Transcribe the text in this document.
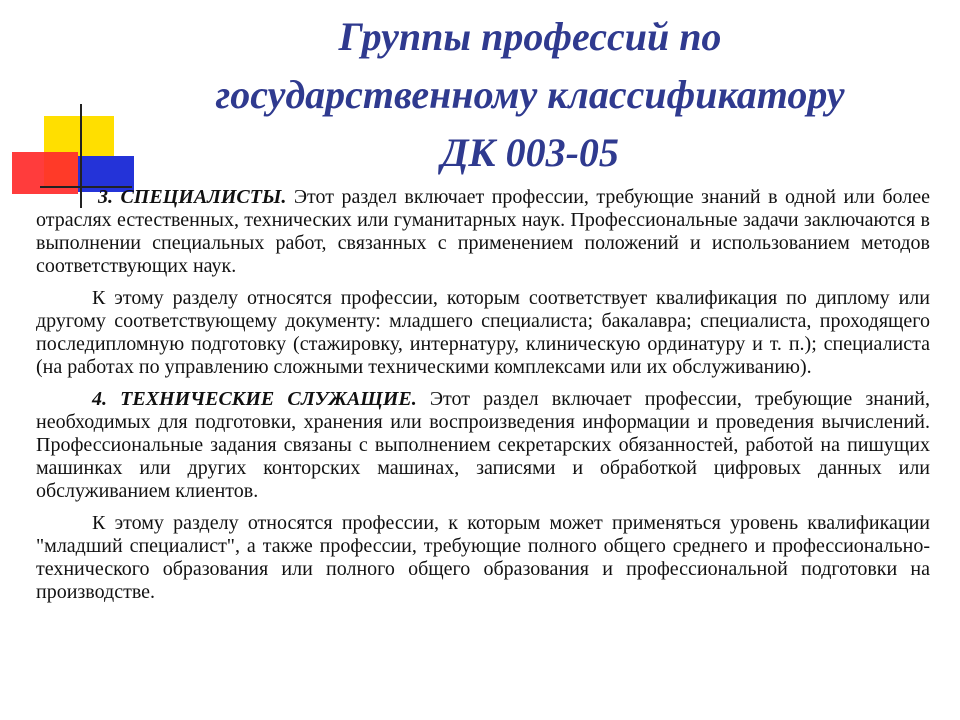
Группы профессий по
государственному классификатору
ДК 003-05

3. СПЕЦИАЛИСТЫ. Этот раздел включает профессии, требующие знаний в одной или более отраслях естественных, технических или гуманитарных наук. Профессиональные задачи заключаются в выполнении специальных работ, связанных с применением положений и использованием методов соответствующих наук.

К этому разделу относятся профессии, которым соответствует квалификация по диплому или другому соответствующему документу: младшего специалиста; бакалавра; специалиста, проходящего последипломную подготовку (стажировку, интернатуру, клиническую ординатуру и т. п.); специалиста (на работах по управлению сложными техническими комплексами или их обслуживанию).

4. ТЕХНИЧЕСКИЕ СЛУЖАЩИЕ. Этот раздел включает профессии, требующие знаний, необходимых для подготовки, хранения или воспроизведения информации и проведения вычислений. Профессиональные задания связаны с выполнением секретарских обязанностей, работой на пишущих машинках или других конторских машинах, записями и обработкой цифровых данных или обслуживанием клиентов.

К этому разделу относятся профессии, к которым может применяться уровень квалификации "младший специалист", а также профессии, требующие полного общего среднего и профессионально-технического образования или полного общего образования и профессиональной подготовки на производстве.
